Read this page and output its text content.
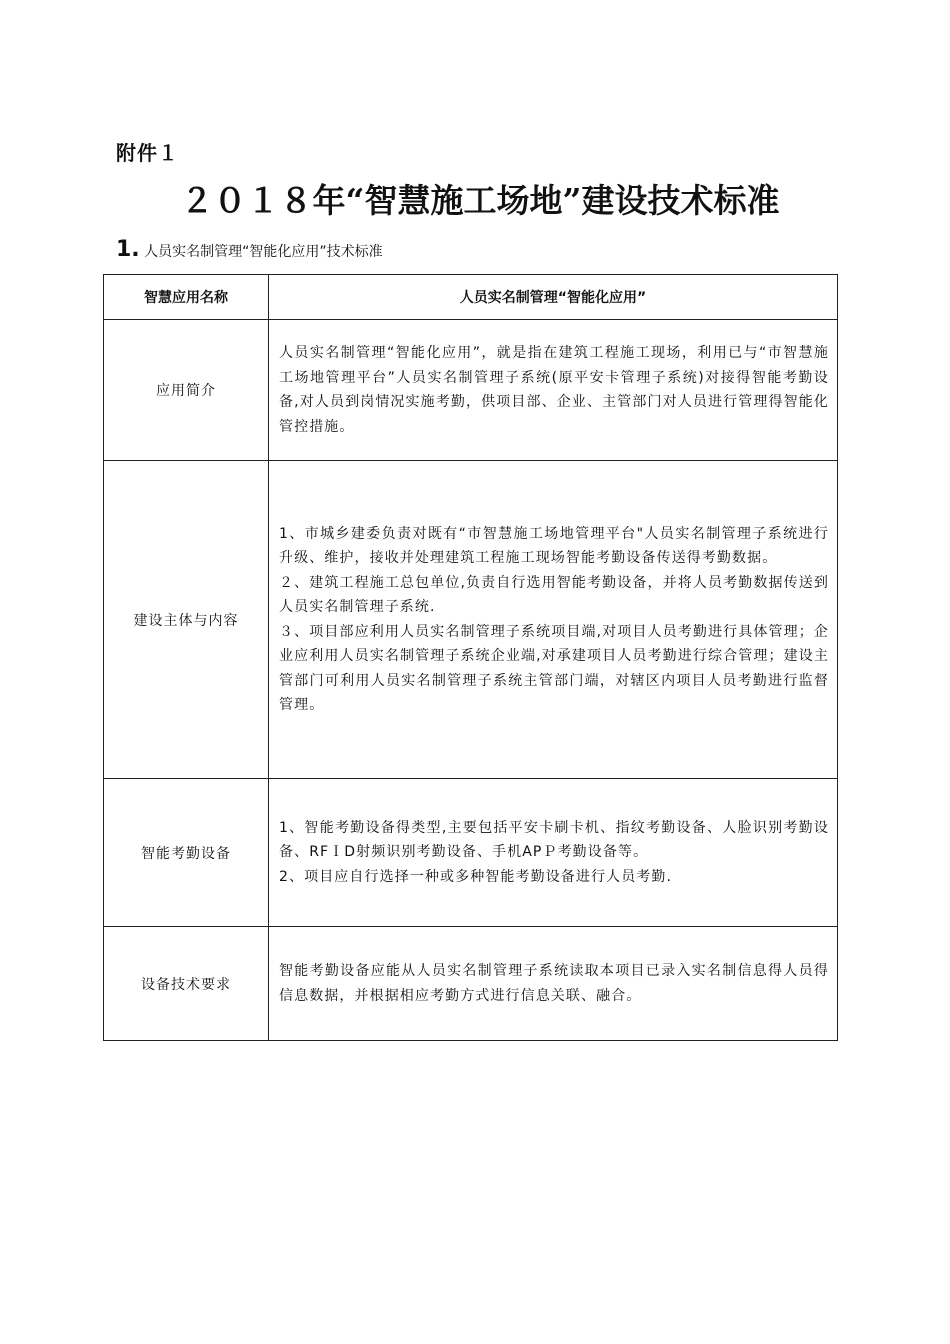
附件１
２０１８年“智慧施工场地”建设技术标准
1. 人员实名制管理“智能化应用”技术标准
智慧应用名称	人员实名制管理“智能化应用”
应用简介	人员实名制管理“智能化应用”，就是指在建筑工程施工现场，利用已与“市智慧施工场地管理平台”人员实名制管理子系统(原平安卡管理子系统)对接得智能考勤设备,对人员到岗情况实施考勤，供项目部、企业、主管部门对人员进行管理得智能化管控措施。

建设主体与内容	1、市城乡建委负责对既有“市智慧施工场地管理平台"人员实名制管理子系统进行升级、维护，接收并处理建筑工程施工现场智能考勤设备传送得考勤数据。

２、建筑工程施工总包单位,负责自行选用智能考勤设备，并将人员考勤数据传送到人员实名制管理子系统.

３、项目部应利用人员实名制管理子系统项目端,对项目人员考勤进行具体管理；企业应利用人员实名制管理子系统企业端,对承建项目人员考勤进行综合管理；建设主管部门可利用人员实名制管理子系统主管部门端，对辖区内项目人员考勤进行监督管理。

智能考勤设备	1、智能考勤设备得类型,主要包括平安卡刷卡机、指纹考勤设备、人脸识别考勤设备、RFＩD射频识别考勤设备、手机APＰ考勤设备等。

2、项目应自行选择一种或多种智能考勤设备进行人员考勤.

设备技术要求	智能考勤设备应能从人员实名制管理子系统读取本项目已录入实名制信息得人员得信息数据，并根据相应考勤方式进行信息关联、融合。
